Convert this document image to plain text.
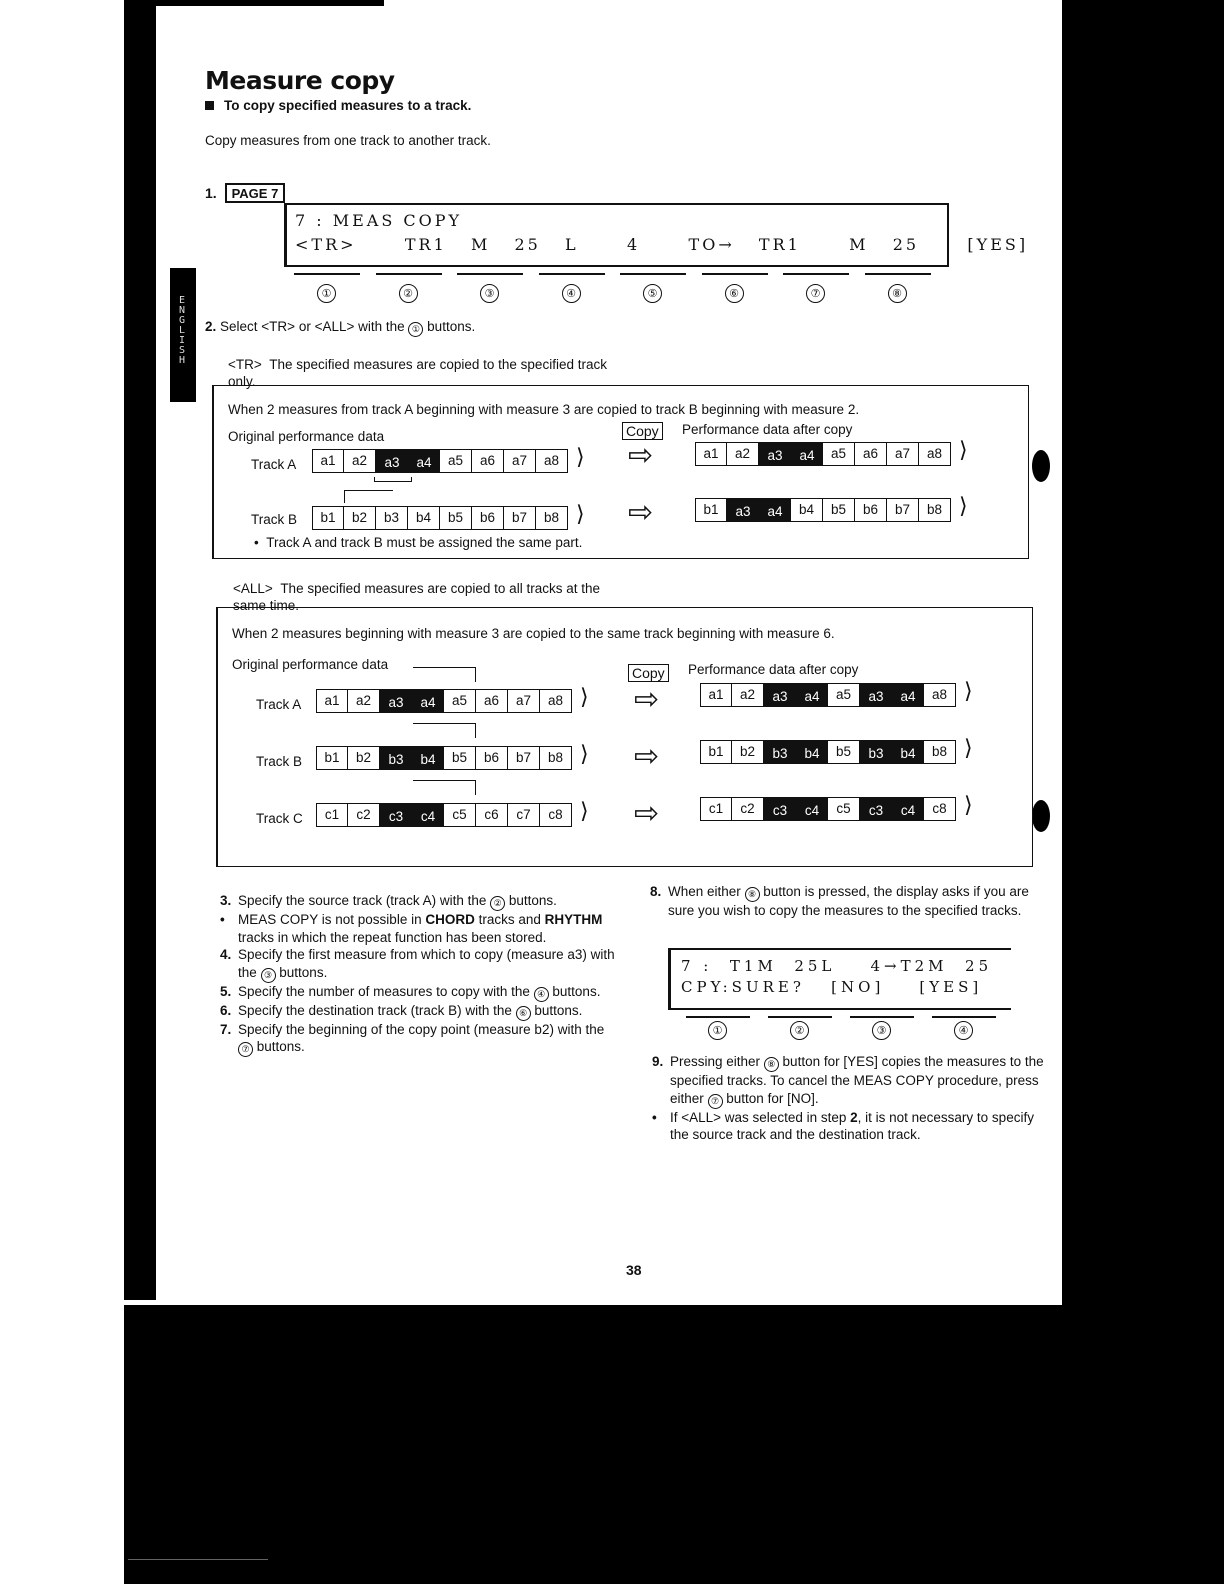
E
N
G
L
I
S
H
Measure copy
To copy specified measures to a track.
Copy measures from one track to another track.
1. PAGE 7
7 : MEAS COPY
<TR>    TR1  M  25  L    4    TO→  TR1    M  25    [YES]
①	②	③	④	⑤	⑥	⑦	⑧
2. Select <TR> or <ALL> with the ① buttons.
<TR> The specified measures are copied to the specified track only.
When 2 measures from track A beginning with measure 3 are copied to track B beginning with measure 2.
Original performance data	Copy Performance data after copy
Track A
Track B
•  Track A and track B must be assigned the same part.
a1	a2	a3	a4	a5	a6	a7	a8 ⟩	a1	a2	a3	a4	a5	a6	a7	a8 ⟩
b1	b2	b3	b4	b5	b6	b7	b8 ⟩	b1	a3	a4	b4	b5	b6	b7	b8 ⟩
⇨
⇨
<ALL> The specified measures are copied to all tracks at the same time.
When 2 measures beginning with measure 3 are copied to the same track beginning with measure 6.
Original performance data
Copy Performance data after copy
Track A
Track B
Track C
a1	a2	a3	a4	a5	a6	a7	a8 ⟩	a1	a2	a3	a4	a5	a3	a4	a8 ⟩
⇨
b1	b2	b3	b4	b5	b6	b7	b8 ⟩	b1	b2	b3	b4	b5	b3	b4	b8 ⟩
⇨
c1	c2	c3	c4	c5	c6	c7	c8 ⟩	c1	c2	c3	c4	c5	c3	c4	c8 ⟩
⇨
3. Specify the source track (track A) with the ② buttons.
• MEAS COPY is not possible in CHORD tracks and RHYTHM tracks in which the repeat function has been stored.
4. Specify the first measure from which to copy (measure a3) with the ③ buttons.
5. Specify the number of measures to copy with the ④ buttons.
6. Specify the destination track (track B) with the ⑥ buttons.
7. Specify the beginning of the copy point (measure b2) with the ⑦ buttons.
8. When either ⑧ button is pressed, the display asks if you are sure you wish to copy the measures to the specified tracks.
7 :  T1M  25L    4→T2M  25
CPY:SURE?   [NO]    [YES]
①	②	③	④
9. Pressing either ⑧ button for [YES] copies the measures to the specified tracks. To cancel the MEAS COPY procedure, press either ⑦ button for [NO].
• If <ALL> was selected in step 2, it is not necessary to specify the source track and the destination track.
38
